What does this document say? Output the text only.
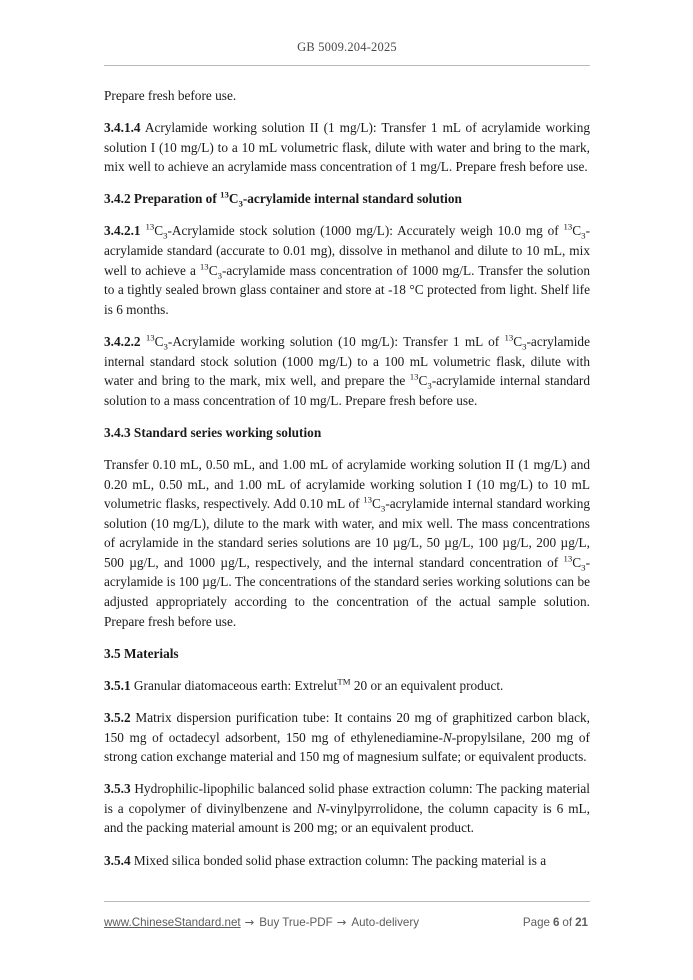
GB 5009.204-2025

Prepare fresh before use.

3.4.1.4 Acrylamide working solution II (1 mg/L): Transfer 1 mL of acrylamide working solution I (10 mg/L) to a 10 mL volumetric flask, dilute with water and bring to the mark, mix well to achieve an acrylamide mass concentration of 1 mg/L. Prepare fresh before use.

3.4.2 Preparation of $^{13}C_3$-acrylamide internal standard solution

3.4.2.1 $^{13}C_3$-Acrylamide stock solution (1000 mg/L): Accurately weigh 10.0 mg of $^{13}C_3$-acrylamide standard (accurate to 0.01 mg), dissolve in methanol and dilute to 10 mL, mix well to achieve a $^{13}C_3$-acrylamide mass concentration of 1000 mg/L. Transfer the solution to a tightly sealed brown glass container and store at -18 °C protected from light. Shelf life is 6 months.

3.4.2.2 $^{13}C_3$-Acrylamide working solution (10 mg/L): Transfer 1 mL of $^{13}C_3$-acrylamide internal standard stock solution (1000 mg/L) to a 100 mL volumetric flask, dilute with water and bring to the mark, mix well, and prepare the $^{13}C_3$-acrylamide internal standard solution to a mass concentration of 10 mg/L. Prepare fresh before use.

3.4.3 Standard series working solution

Transfer 0.10 mL, 0.50 mL, and 1.00 mL of acrylamide working solution II (1 mg/L) and 0.20 mL, 0.50 mL, and 1.00 mL of acrylamide working solution I (10 mg/L) to 10 mL volumetric flasks, respectively. Add 0.10 mL of $^{13}C_3$-acrylamide internal standard working solution (10 mg/L), dilute to the mark with water, and mix well. The mass concentrations of acrylamide in the standard series solutions are 10 µg/L, 50 µg/L, 100 µg/L, 200 µg/L, 500 µg/L, and 1000 µg/L, respectively, and the internal standard concentration of $^{13}C_3$-acrylamide is 100 µg/L. The concentrations of the standard series working solutions can be adjusted appropriately according to the concentration of the actual sample solution. Prepare fresh before use.

3.5 Materials

3.5.1 Granular diatomaceous earth: Extrelut™ 20 or an equivalent product.

3.5.2 Matrix dispersion purification tube: It contains 20 mg of graphitized carbon black, 150 mg of octadecyl adsorbent, 150 mg of ethylenediamine-N-propylsilane, 200 mg of strong cation exchange material and 150 mg of magnesium sulfate; or equivalent products.

3.5.3 Hydrophilic-lipophilic balanced solid phase extraction column: The packing material is a copolymer of divinylbenzene and N-vinylpyrrolidone, the column capacity is 6 mL, and the packing material amount is 200 mg; or an equivalent product.

3.5.4 Mixed silica bonded solid phase extraction column: The packing material is a

www.ChineseStandard.net → Buy True-PDF → Auto-delivery	Page 6 of 21
